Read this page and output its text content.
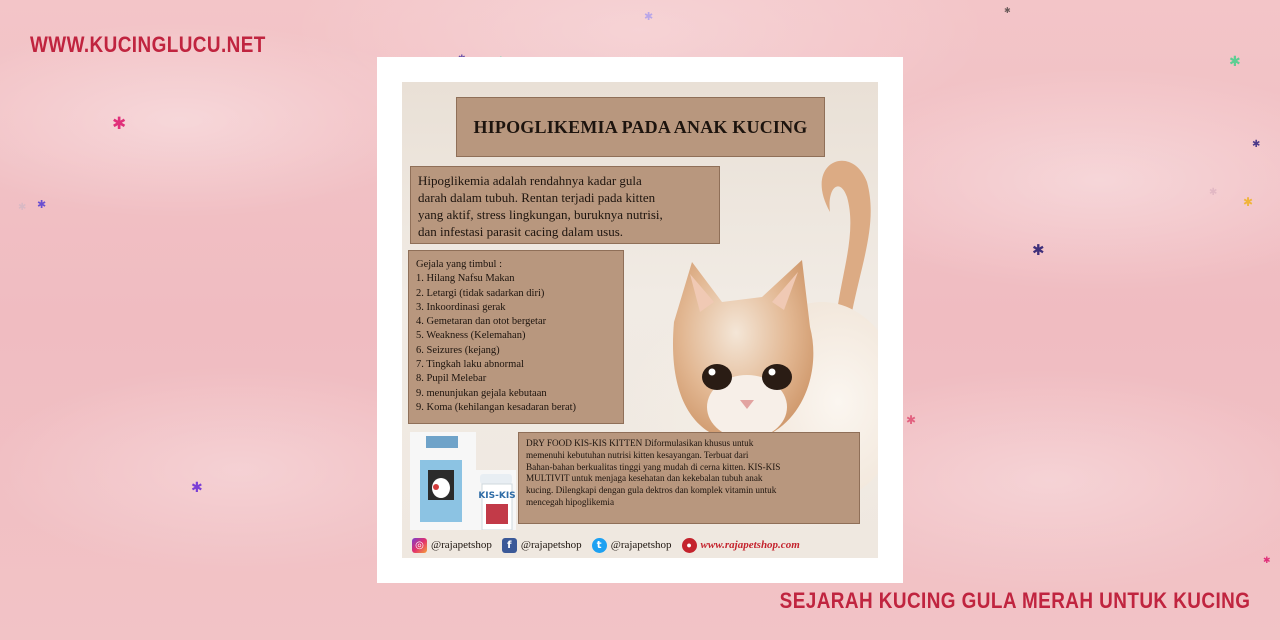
WWW.KUCINGLUCU.NET
✱
✱
✱
✱
✱	✱
✱
✱
✱
✱
✱
✱
✱
HIPOGLIKEMIA PADA ANAK KUCING
Hipoglikemia adalah rendahnya kadar gula
darah dalam tubuh. Rentan terjadi pada kitten
yang aktif, stress lingkungan, buruknya nutrisi,
dan infestasi parasit cacing dalam usus.
Gejala yang timbul :
1. Hilang Nafsu Makan
2. Letargi (tidak sadarkan diri)
3. Inkoordinasi gerak
4. Gemetaran dan otot bergetar
5. Weakness (Kelemahan)
6. Seizures (kejang)
7. Tingkah laku abnormal
8. Pupil Melebar
9. menunjukan gejala kebutaan
9. Koma (kehilangan kesadaran berat)
KIS-KIS
DRY FOOD KIS-KIS KITTEN Diformulasikan khusus untuk
memenuhi kebutuhan nutrisi kitten kesayangan. Terbuat dari
Bahan-bahan berkualitas tinggi yang mudah di cerna kitten. KIS-KIS
MULTIVIT untuk menjaga kesehatan dan kekebalan tubuh anak
kucing. Dilengkapi dengan gula dektros dan komplek vitamin untuk
mencegah hipoglikemia
◎ @rajapetshop	f @rajapetshop	t @rajapetshop	● www.rajapetshop.com
SEJARAH KUCING GULA MERAH UNTUK KUCING
